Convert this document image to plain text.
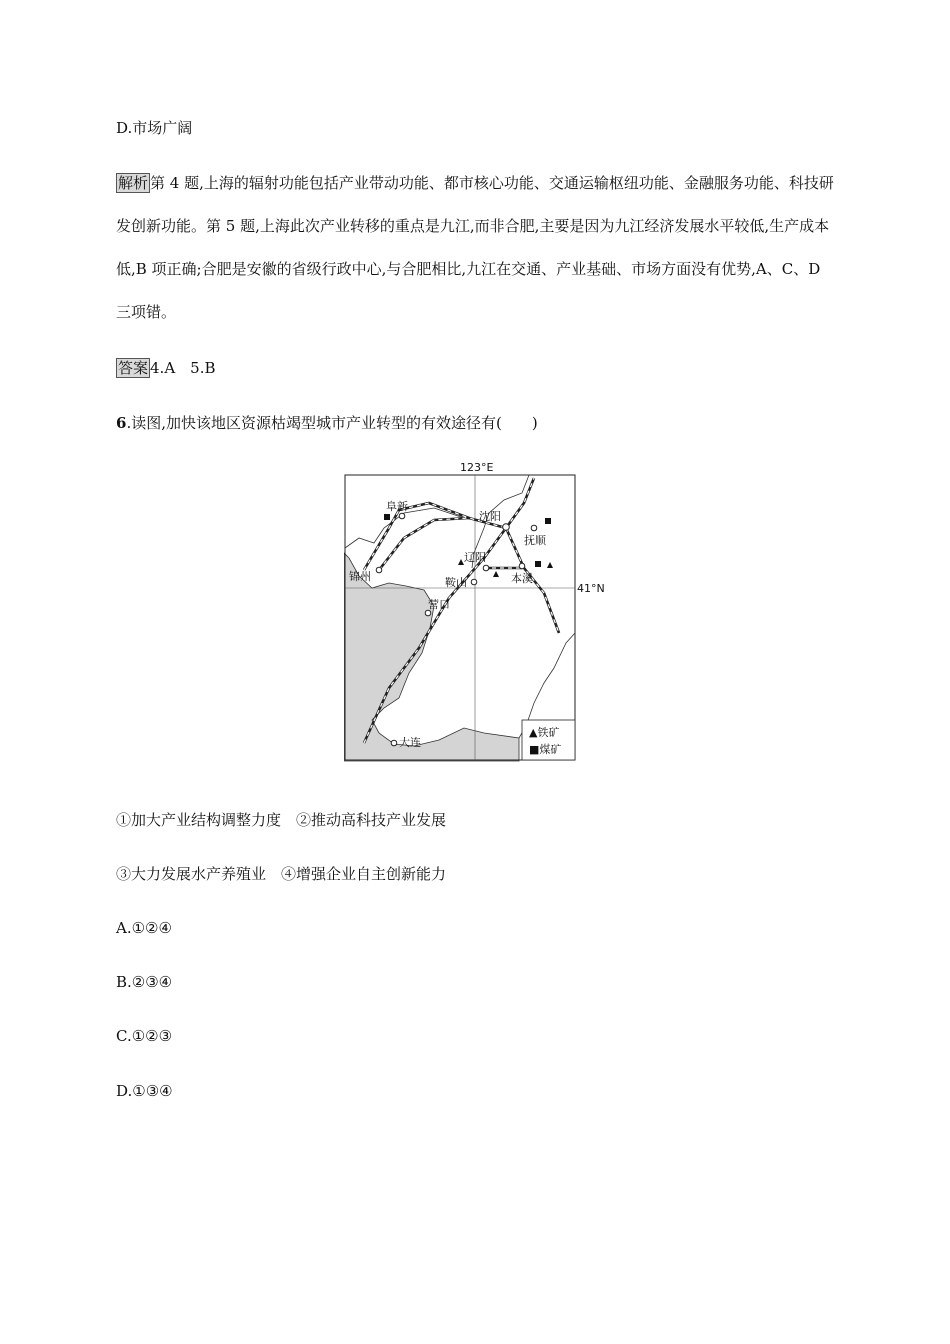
D.市场广阔
解析 第 4 题,上海的辐射功能包括产业带动功能、都市核心功能、交通运输枢纽功能、金融服务功能、科技研发创新功能。第 5 题,上海此次产业转移的重点是九江,而非合肥,主要是因为九江经济发展水平较低,生产成本低,B 项正确;合肥是安徽的省级行政中心,与合肥相比,九江在交通、产业基础、市场方面没有优势,A、C、D 三项错。
答案 4.A　5.B
6.读图,加快该地区资源枯竭型城市产业转型的有效途径有(　　)
123°E
41°N
阜新
沈阳
抚顺
辽阳
本溪
锦州	鞍山
营口
大连
▲铁矿
■煤矿
①加大产业结构调整力度　②推动高科技产业发展
③大力发展水产养殖业　④增强企业自主创新能力
A.①②④
B.②③④
C.①②③
D.①③④
